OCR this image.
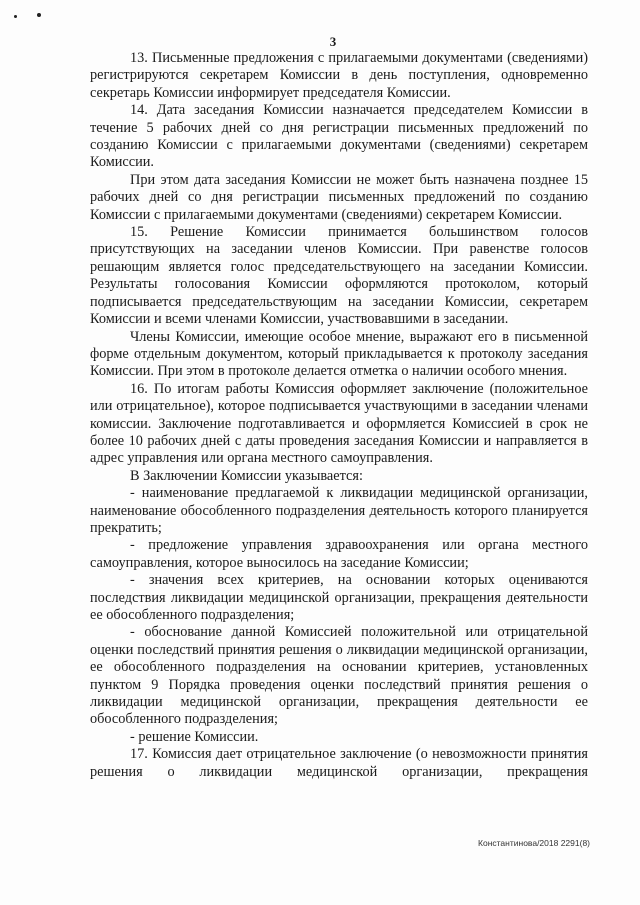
3

13. Письменные предложения с прилагаемыми документами (сведениями) регистрируются секретарем Комиссии в день поступления, одновременно секретарь Комиссии информирует председателя Комиссии.

14. Дата заседания Комиссии назначается председателем Комиссии в течение 5 рабочих дней со дня регистрации письменных предложений по созданию Комиссии с прилагаемыми документами (сведениями) секретарем Комиссии.

При этом дата заседания Комиссии не может быть назначена позднее 15 рабочих дней со дня регистрации письменных предложений по созданию Комиссии с прилагаемыми документами (сведениями) секретарем Комиссии.

15. Решение Комиссии принимается большинством голосов присутствующих на заседании членов Комиссии. При равенстве голосов решающим является голос председательствующего на заседании Комиссии. Результаты голосования Комиссии оформляются протоколом, который подписывается председательствующим на заседании Комиссии, секретарем Комиссии и всеми членами Комиссии, участвовавшими в заседании.

Члены Комиссии, имеющие особое мнение, выражают его в письменной форме отдельным документом, который прикладывается к протоколу заседания Комиссии. При этом в протоколе делается отметка о наличии особого мнения.

16. По итогам работы Комиссия оформляет заключение (положительное или отрицательное), которое подписывается участвующими в заседании членами комиссии. Заключение подготавливается и оформляется Комиссией в срок не более 10 рабочих дней с даты проведения заседания Комиссии и направляется в адрес управления или органа местного самоуправления.

В Заключении Комиссии указывается:

- наименование предлагаемой к ликвидации медицинской организации, наименование обособленного подразделения деятельность которого планируется прекратить;

- предложение управления здравоохранения или органа местного самоуправления, которое выносилось на заседание Комиссии;

- значения всех критериев, на основании которых оцениваются последствия ликвидации медицинской организации, прекращения деятельности ее обособленного подразделения;

- обоснование данной Комиссией положительной или отрицательной оценки последствий принятия решения о ликвидации медицинской организации, ее обособленного подразделения на основании критериев, установленных пунктом 9 Порядка проведения оценки последствий принятия решения о ликвидации медицинской организации, прекращения деятельности ее обособленного подразделения;

- решение Комиссии.

17. Комиссия дает отрицательное заключение (о невозможности принятия решения о ликвидации медицинской организации, прекращения

Константинова/2018 2291(8)
